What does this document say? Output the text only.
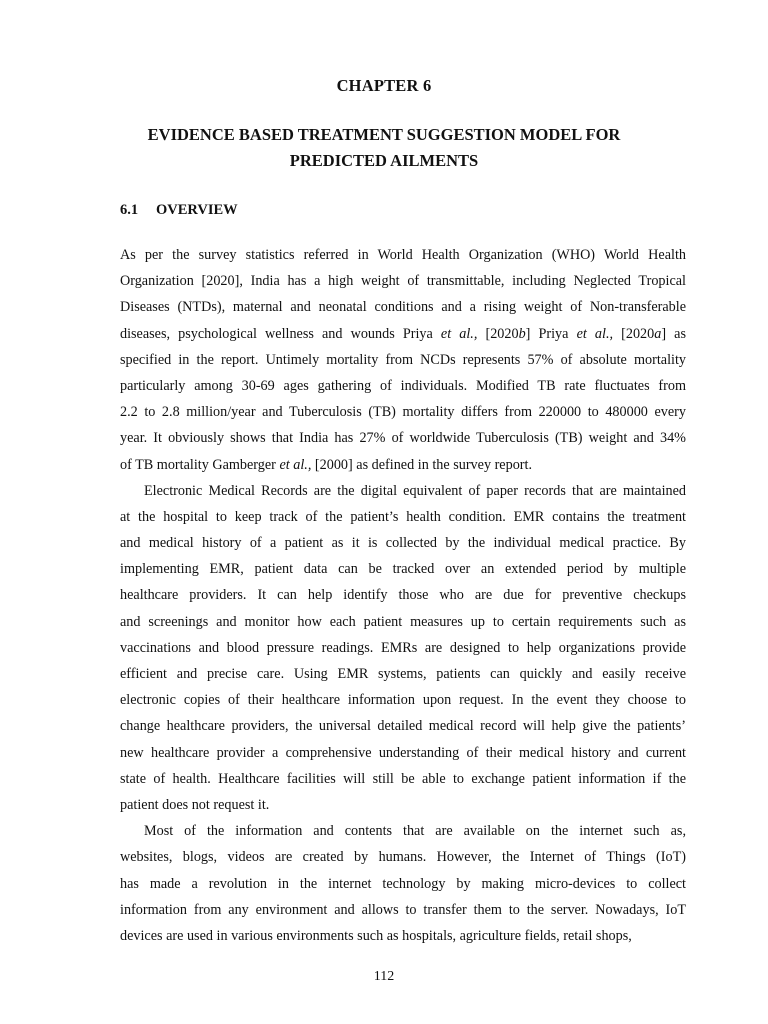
CHAPTER 6
EVIDENCE BASED TREATMENT SUGGESTION MODEL FOR
PREDICTED AILMENTS
6.1 OVERVIEW
As per the survey statistics referred in World Health Organization (WHO) World Health
Organization [2020], India has a high weight of transmittable, including Neglected Tropical
Diseases (NTDs), maternal and neonatal conditions and a rising weight of Non-transferable
diseases, psychological wellness and wounds Priya et al., [2020b] Priya et al., [2020a] as
specified in the report. Untimely mortality from NCDs represents 57% of absolute mortality
particularly among 30-69 ages gathering of individuals. Modified TB rate fluctuates from
2.2 to 2.8 million/year and Tuberculosis (TB) mortality differs from 220000 to 480000 every
year. It obviously shows that India has 27% of worldwide Tuberculosis (TB) weight and 34%
of TB mortality Gamberger et al., [2000] as defined in the survey report.
Electronic Medical Records are the digital equivalent of paper records that are maintained
at the hospital to keep track of the patient’s health condition. EMR contains the treatment
and medical history of a patient as it is collected by the individual medical practice. By
implementing EMR, patient data can be tracked over an extended period by multiple
healthcare providers. It can help identify those who are due for preventive checkups
and screenings and monitor how each patient measures up to certain requirements such as
vaccinations and blood pressure readings. EMRs are designed to help organizations provide
efficient and precise care. Using EMR systems, patients can quickly and easily receive
electronic copies of their healthcare information upon request. In the event they choose to
change healthcare providers, the universal detailed medical record will help give the patients’
new healthcare provider a comprehensive understanding of their medical history and current
state of health. Healthcare facilities will still be able to exchange patient information if the
patient does not request it.
Most of the information and contents that are available on the internet such as,
websites, blogs, videos are created by humans. However, the Internet of Things (IoT)
has made a revolution in the internet technology by making micro-devices to collect
information from any environment and allows to transfer them to the server. Nowadays, IoT
devices are used in various environments such as hospitals, agriculture fields, retail shops,
112
